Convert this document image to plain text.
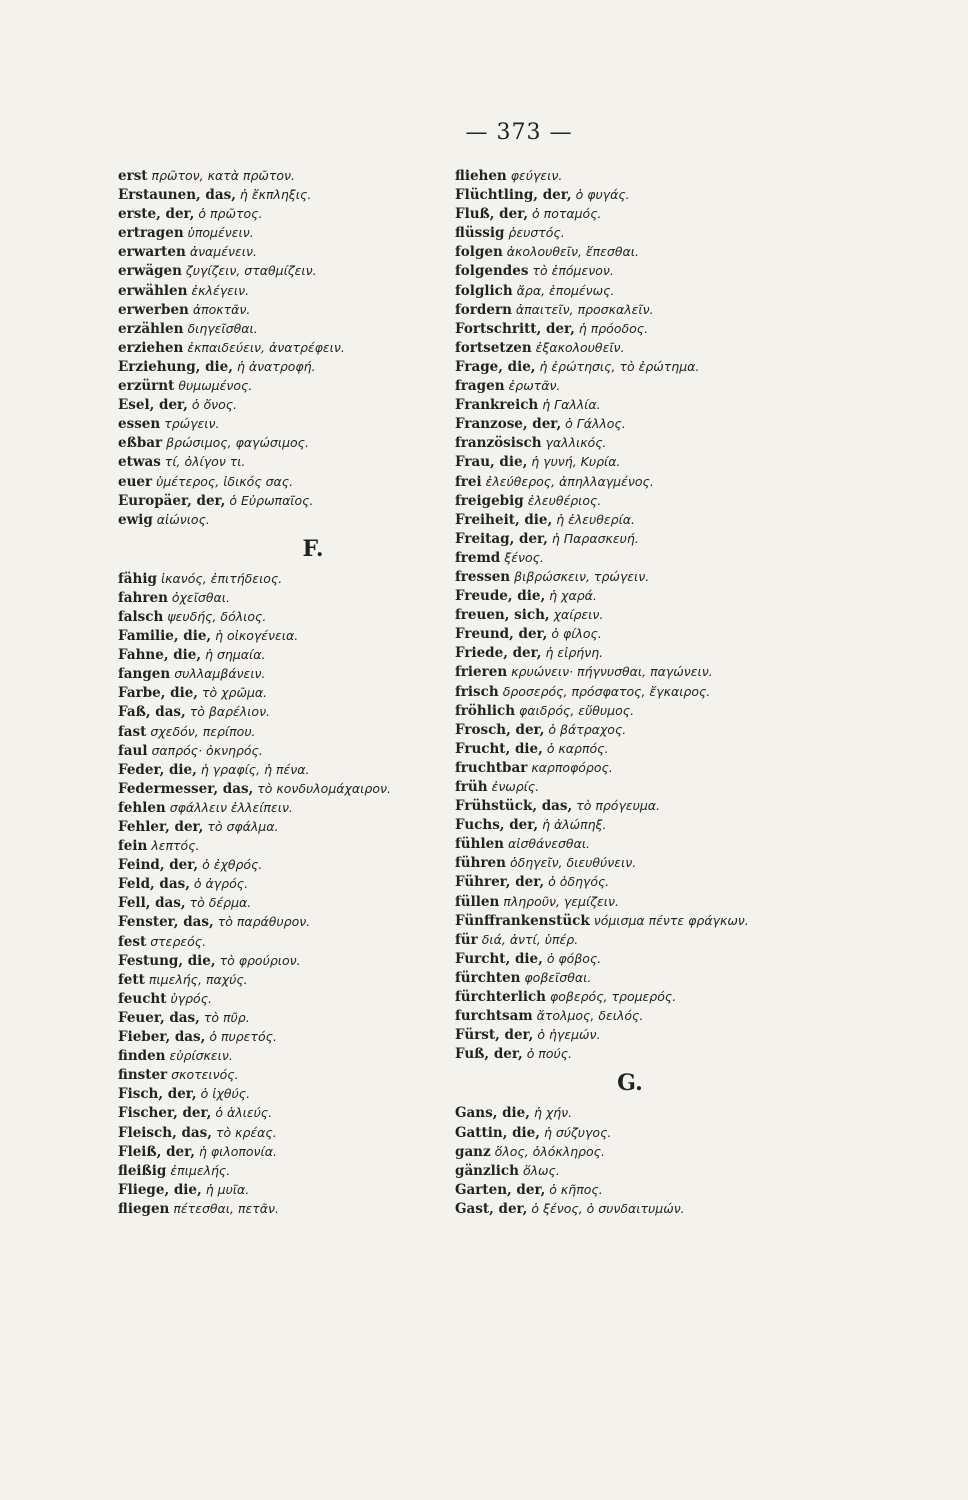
— 373 —
erst πρῶτον, κατὰ πρῶτον.
Erstaunen, das, ἡ ἔκπληξις.
erste, der, ὁ πρῶτος.
ertragen ὑπομένειν.
erwarten ἀναμένειν.
erwägen ζυγίζειν, σταθμίζειν.
erwählen ἐκλέγειν.
erwerben ἀποκτᾶν.
erzählen διηγεῖσθαι.
erziehen ἐκπαιδεύειν, ἀνατρέφειν.
Erziehung, die, ἡ ἀνατροφή.
erzürnt θυμωμένος.
Esel, der, ὁ ὄνος.
essen τρώγειν.
eßbar βρώσιμος, φαγώσιμος.
etwas τί, ὀλίγον τι.
euer ὑμέτερος, ἰδικός σας.
Europäer, der, ὁ Εὐρωπαῖος.
ewig αἰώνιος.
F.
fähig ἱκανός, ἐπιτήδειος.
fahren ὀχεῖσθαι.
falsch ψευδής, δόλιος.
Familie, die, ἡ οἰκογένεια.
Fahne, die, ἡ σημαία.
fangen συλλαμβάνειν.
Farbe, die, τὸ χρῶμα.
Faß, das, τὸ βαρέλιον.
fast σχεδόν, περίπου.
faul σαπρός· ὀκνηρός.
Feder, die, ἡ γραφίς, ἡ πένα.
Federmesser, das, τὸ κονδυλομάχαιρον.
fehlen σφάλλειν ἐλλείπειν.
Fehler, der, τὸ σφάλμα.
fein λεπτός.
Feind, der, ὁ ἐχθρός.
Feld, das, ὁ ἀγρός.
Fell, das, τὸ δέρμα.
Fenster, das, τὸ παράθυρον.
fest στερεός.
Festung, die, τὸ φρούριον.
fett πιμελής, παχύς.
feucht ὑγρός.
Feuer, das, τὸ πῦρ.
Fieber, das, ὁ πυρετός.
finden εὑρίσκειν.
finster σκοτεινός.
Fisch, der, ὁ ἰχθύς.
Fischer, der, ὁ ἁλιεύς.
Fleisch, das, τὸ κρέας.
Fleiß, der, ἡ φιλοπονία.
fleißig ἐπιμελής.
Fliege, die, ἡ μυῖα.
fliegen πέτεσθαι, πετᾶν.
fliehen φεύγειν.
Flüchtling, der, ὁ φυγάς.
Fluß, der, ὁ ποταμός.
flüssig ῥευστός.
folgen ἀκολουθεῖν, ἕπεσθαι.
folgendes τὸ ἑπόμενον.
folglich ἄρα, ἑπομένως.
fordern ἀπαιτεῖν, προσκαλεῖν.
Fortschritt, der, ἡ πρόοδος.
fortsetzen ἐξακολουθεῖν.
Frage, die, ἡ ἐρώτησις, τὸ ἐρώτημα.
fragen ἐρωτᾶν.
Frankreich ἡ Γαλλία.
Franzose, der, ὁ Γάλλος.
französisch γαλλικός.
Frau, die, ἡ γυνή, Κυρία.
frei ἐλεύθερος, ἀπηλλαγμένος.
freigebig ἐλευθέριος.
Freiheit, die, ἡ ἐλευθερία.
Freitag, der, ἡ Παρασκευή.
fremd ξένος.
fressen βιβρώσκειν, τρώγειν.
Freude, die, ἡ χαρά.
freuen, sich, χαίρειν.
Freund, der, ὁ φίλος.
Friede, der, ἡ εἰρήνη.
frieren κρυώνειν· πήγνυσθαι, παγώνειν.
frisch δροσερός, πρόσφατος, ἔγκαιρος.
fröhlich φαιδρός, εὔθυμος.
Frosch, der, ὁ βάτραχος.
Frucht, die, ὁ καρπός.
fruchtbar καρποφόρος.
früh ἐνωρίς.
Frühstück, das, τὸ πρόγευμα.
Fuchs, der, ἡ ἀλώπηξ.
fühlen αἰσθάνεσθαι.
führen ὁδηγεῖν, διευθύνειν.
Führer, der, ὁ ὁδηγός.
füllen πληροῦν, γεμίζειν.
Fünffrankenstück νόμισμα πέντε φράγκων.
für διά, ἀντί, ὑπέρ.
Furcht, die, ὁ φόβος.
fürchten φοβεῖσθαι.
fürchterlich φοβερός, τρομερός.
furchtsam ἄτολμος, δειλός.
Fürst, der, ὁ ἡγεμών.
Fuß, der, ὁ πούς.
G.
Gans, die, ἡ χήν.
Gattin, die, ἡ σύζυγος.
ganz ὅλος, ὁλόκληρος.
gänzlich ὅλως.
Garten, der, ὁ κῆπος.
Gast, der, ὁ ξένος, ὁ συνδαιτυμών.
